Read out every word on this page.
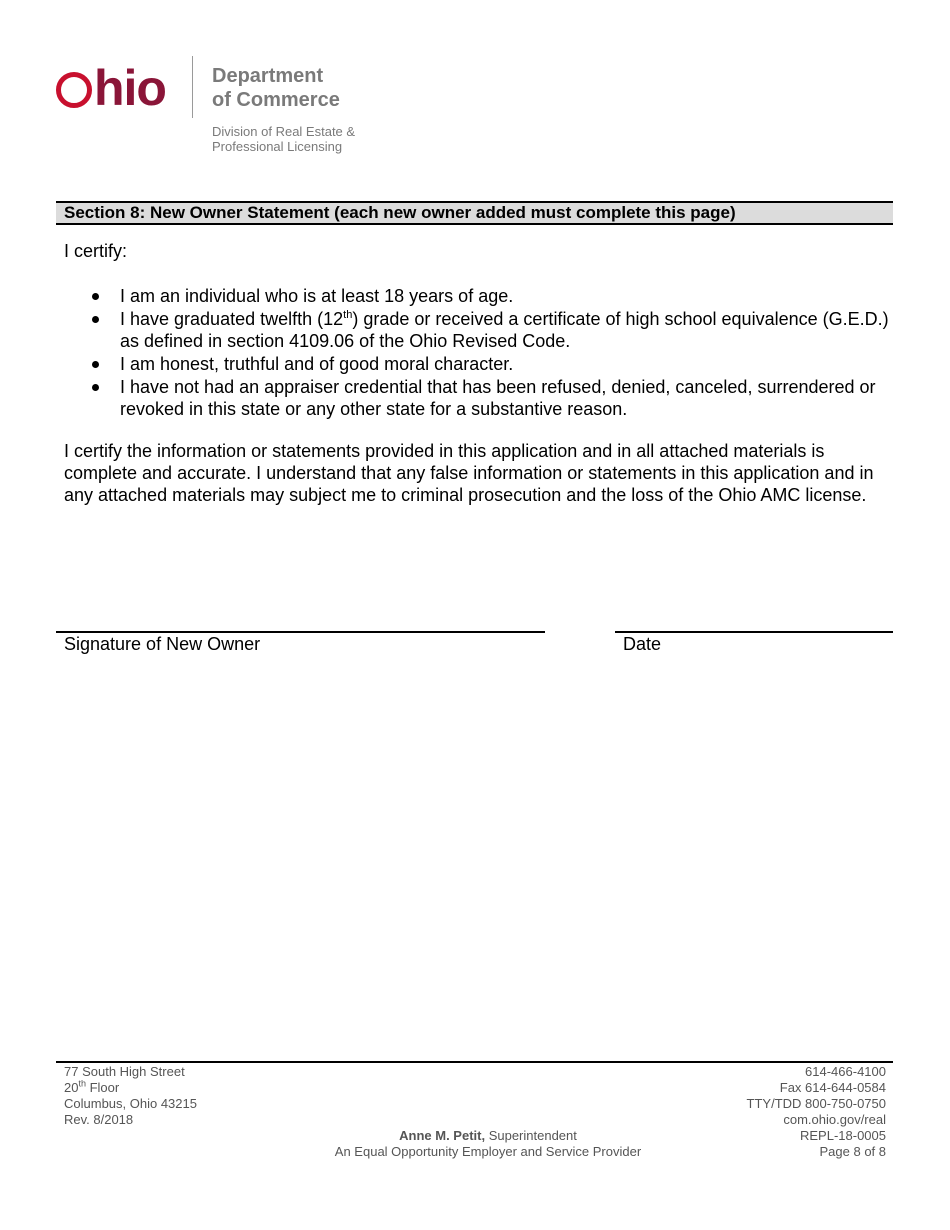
hio Department
of Commerce
Division of Real Estate &
Professional Licensing
Section 8: New Owner Statement (each new owner added must complete this page)
I certify:
I am an individual who is at least 18 years of age.
I have graduated twelfth (12th) grade or received a certificate of high school equivalence (G.E.D.) as defined in section 4109.06 of the Ohio Revised Code.
I am honest, truthful and of good moral character.
I have not had an appraiser credential that has been refused, denied, canceled, surrendered or revoked in this state or any other state for a substantive reason.
I certify the information or statements provided in this application and in all attached materials is complete and accurate. I understand that any false information or statements in this application and in any attached materials may subject me to criminal prosecution and the loss of the Ohio AMC license.
Signature of New Owner	Date
77 South High Street
20th Floor
Columbus, Ohio 43215
Rev. 8/2018
614-466-4100
Fax 614-644-0584
TTY/TDD 800-750-0750
com.ohio.gov/real
REPL-18-0005
Page 8 of 8
Anne M. Petit, Superintendent
An Equal Opportunity Employer and Service Provider
